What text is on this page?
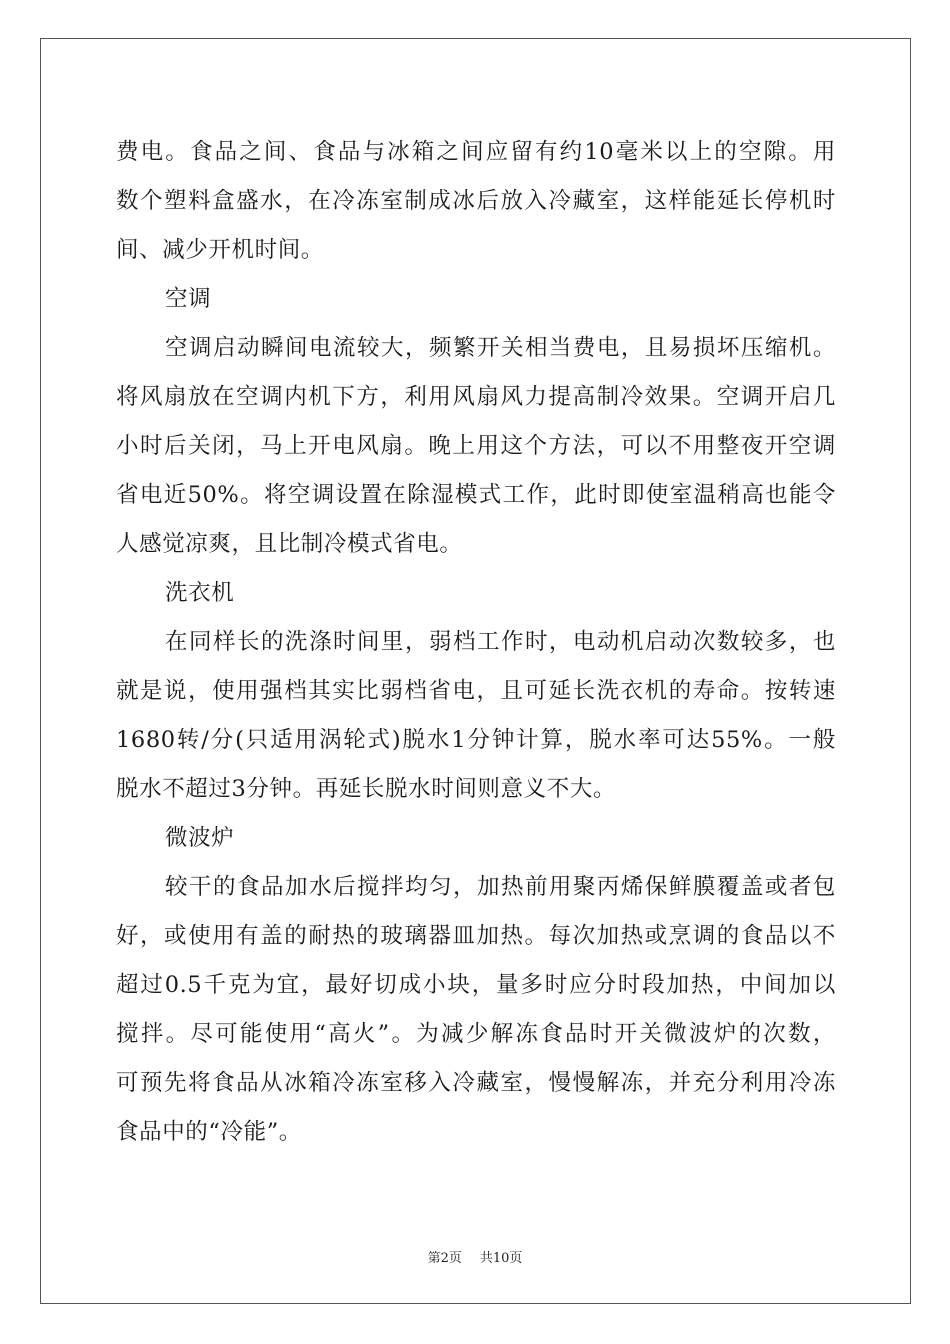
费电。食品之间、食品与冰箱之间应留有约10毫米以上的空隙。用
数个塑料盒盛水，在冷冻室制成冰后放入冷藏室，这样能延长停机时
间、减少开机时间。
空调
空调启动瞬间电流较大，频繁开关相当费电，且易损坏压缩机。
将风扇放在空调内机下方，利用风扇风力提高制冷效果。空调开启几
小时后关闭，马上开电风扇。晚上用这个方法，可以不用整夜开空调
省电近50%。将空调设置在除湿模式工作，此时即使室温稍高也能令
人感觉凉爽，且比制冷模式省电。
洗衣机
在同样长的洗涤时间里，弱档工作时，电动机启动次数较多，也
就是说，使用强档其实比弱档省电，且可延长洗衣机的寿命。按转速
1680转/分(只适用涡轮式)脱水1分钟计算，脱水率可达55%。一般
脱水不超过3分钟。再延长脱水时间则意义不大。
微波炉
较干的食品加水后搅拌均匀，加热前用聚丙烯保鲜膜覆盖或者包
好，或使用有盖的耐热的玻璃器皿加热。每次加热或烹调的食品以不
超过0.5千克为宜，最好切成小块，量多时应分时段加热，中间加以
搅拌。尽可能使用“高火”。为减少解冻食品时开关微波炉的次数，
可预先将食品从冰箱冷冻室移入冷藏室，慢慢解冻，并充分利用冷冻
食品中的“冷能”。
第2页 共10页
